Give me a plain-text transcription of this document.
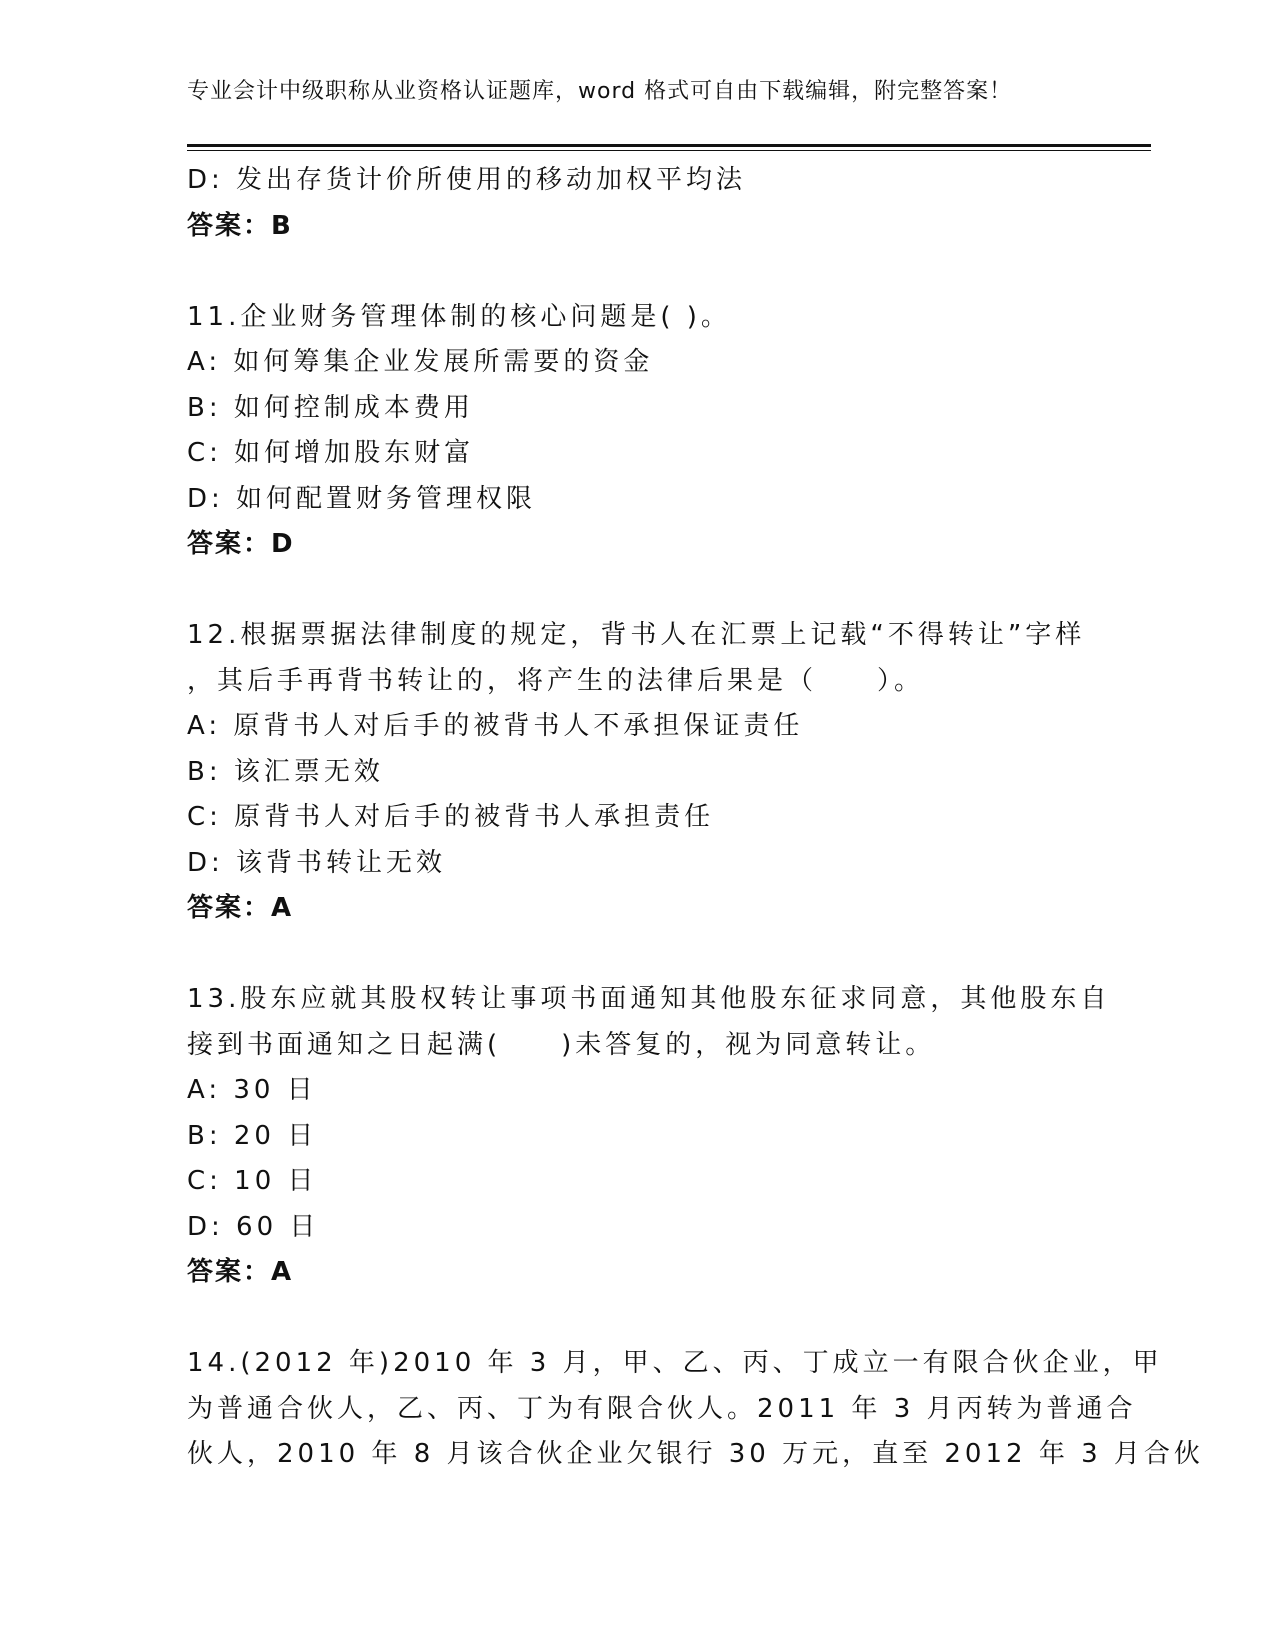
专业会计中级职称从业资格认证题库，word 格式可自由下载编辑，附完整答案！
D: 发出存货计价所使用的移动加权平均法
答案：B
11.企业财务管理体制的核心问题是( )。
A: 如何筹集企业发展所需要的资金
B: 如何控制成本费用
C: 如何增加股东财富
D: 如何配置财务管理权限
答案：D
12.根据票据法律制度的规定，背书人在汇票上记载“不得转让”字样
，其后手再背书转让的，将产生的法律后果是（　　）。
A: 原背书人对后手的被背书人不承担保证责任
B: 该汇票无效
C: 原背书人对后手的被背书人承担责任
D: 该背书转让无效
答案：A
13.股东应就其股权转让事项书面通知其他股东征求同意，其他股东自
接到书面通知之日起满(　　)未答复的，视为同意转让。
A: 30 日
B: 20 日
C: 10 日
D: 60 日
答案：A
14.(2012 年)2010 年 3 月，甲、乙、丙、丁成立一有限合伙企业，甲
为普通合伙人，乙、丙、丁为有限合伙人。2011 年 3 月丙转为普通合
伙人，2010 年 8 月该合伙企业欠银行 30 万元，直至 2012 年 3 月合伙
